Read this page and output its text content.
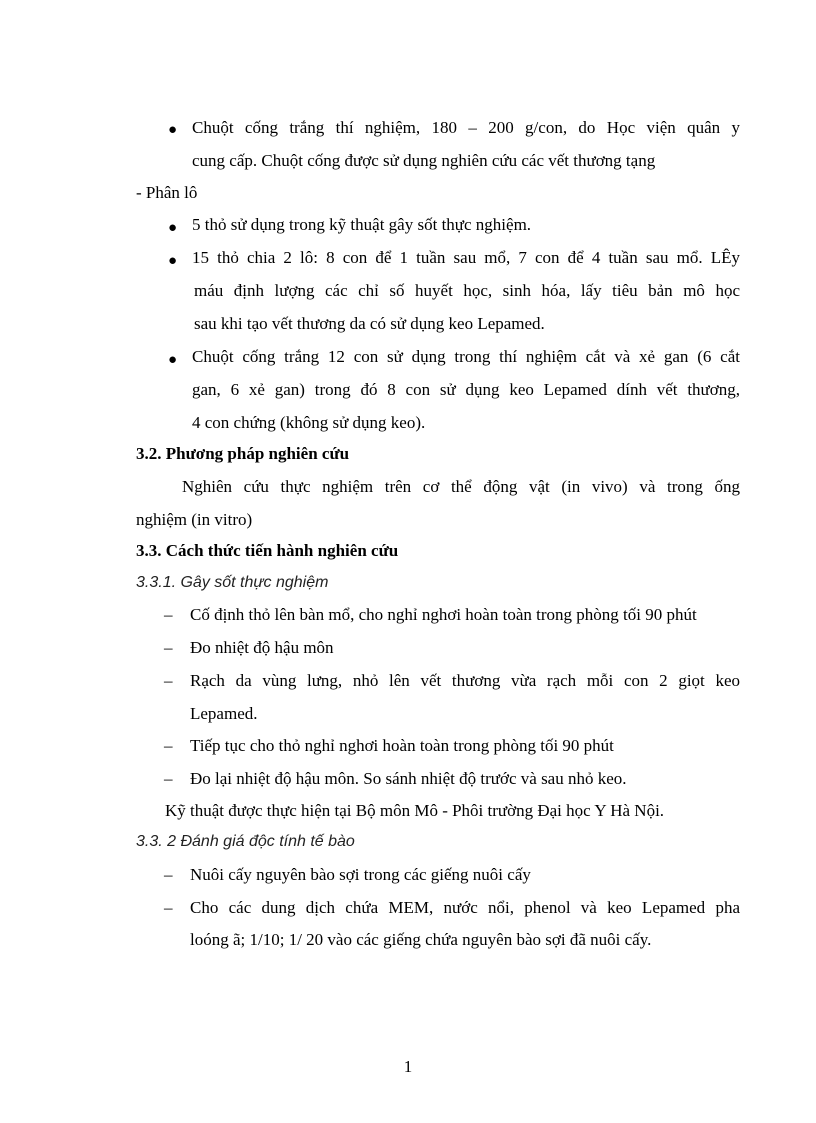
● Chuột cống trắng thí nghiệm, 180 – 200 g/con, do Học viện quân y
cung cấp. Chuột cống được sử dụng nghiên cứu các vết thương tạng
- Phân lô
● 5 thỏ sử dụng trong kỹ thuật gây sốt thực nghiệm.
● 15 thỏ chia 2 lô: 8 con để 1 tuần sau mổ, 7 con để 4 tuần sau mổ. LÊy
máu định lượng các chỉ số huyết học, sinh hóa, lấy tiêu bản mô học
sau khi tạo vết thương da có sử dụng keo Lepamed.
● Chuột cống trắng 12 con sử dụng trong thí nghiệm cắt và xẻ gan (6 cắt
gan, 6 xẻ gan) trong đó 8 con sử dụng keo Lepamed dính vết thương,
4 con chứng (không sử dụng keo).
3.2. Phương pháp nghiên cứu
Nghiên cứu thực nghiệm trên cơ thể động vật (in vivo) và trong ống
nghiệm (in vitro)
3.3. Cách thức tiến hành nghiên cứu
3.3.1. Gây sốt thực nghiệm
– Cố định thỏ lên bàn mổ, cho nghỉ nghơi hoàn toàn trong phòng tối 90 phút
– Đo nhiệt độ hậu môn
– Rạch da vùng lưng, nhỏ lên vết thương vừa rạch mỗi con 2 giọt keo
Lepamed.
– Tiếp tục cho thỏ nghỉ nghơi hoàn toàn trong phòng tối 90 phút
– Đo lại nhiệt độ hậu môn. So sánh nhiệt độ trước và sau nhỏ keo.
Kỹ thuật được thực hiện tại Bộ môn Mô - Phôi trường Đại học Y Hà Nội.
3.3. 2 Đánh giá độc tính tế bào
– Nuôi cấy nguyên bào sợi trong các giếng nuôi cấy
– Cho các dung dịch chứa MEM, nước nổi, phenol và keo Lepamed pha
loóng ã; 1/10; 1/ 20 vào các giếng chứa nguyên bào sợi đã nuôi cấy.
1
